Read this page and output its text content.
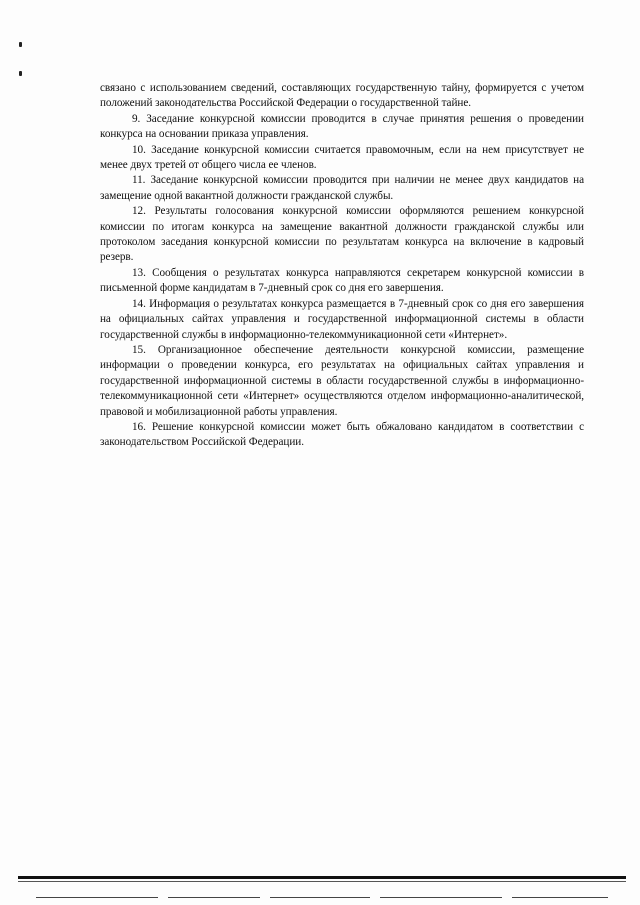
связано с использованием сведений, составляющих государственную тайну, формируется с учетом положений законодательства Российской Федерации о государственной тайне.

9. Заседание конкурсной комиссии проводится в случае принятия решения о проведении конкурса на основании приказа управления.

10. Заседание конкурсной комиссии считается правомочным, если на нем присутствует не менее двух третей от общего числа ее членов.

11. Заседание конкурсной комиссии проводится при наличии не менее двух кандидатов на замещение одной вакантной должности гражданской службы.

12. Результаты голосования конкурсной комиссии оформляются решением конкурсной комиссии по итогам конкурса на замещение вакантной должности гражданской службы или протоколом заседания конкурсной комиссии по результатам конкурса на включение в кадровый резерв.

13. Сообщения о результатах конкурса направляются секретарем конкурсной комиссии в письменной форме кандидатам в 7-дневный срок со дня его завершения.

14. Информация о результатах конкурса размещается в 7-дневный срок со дня его завершения на официальных сайтах управления и государственной информационной системы в области государственной службы в информационно-телекоммуникационной сети «Интернет».

15. Организационное обеспечение деятельности конкурсной комиссии, размещение информации о проведении конкурса, его результатах на официальных сайтах управления и государственной информационной системы в области государственной службы в информационно-телекоммуникационной сети «Интернет» осуществляются отделом информационно-аналитической, правовой и мобилизационной работы управления.

16. Решение конкурсной комиссии может быть обжаловано кандидатом в соответствии с законодательством Российской Федерации.
